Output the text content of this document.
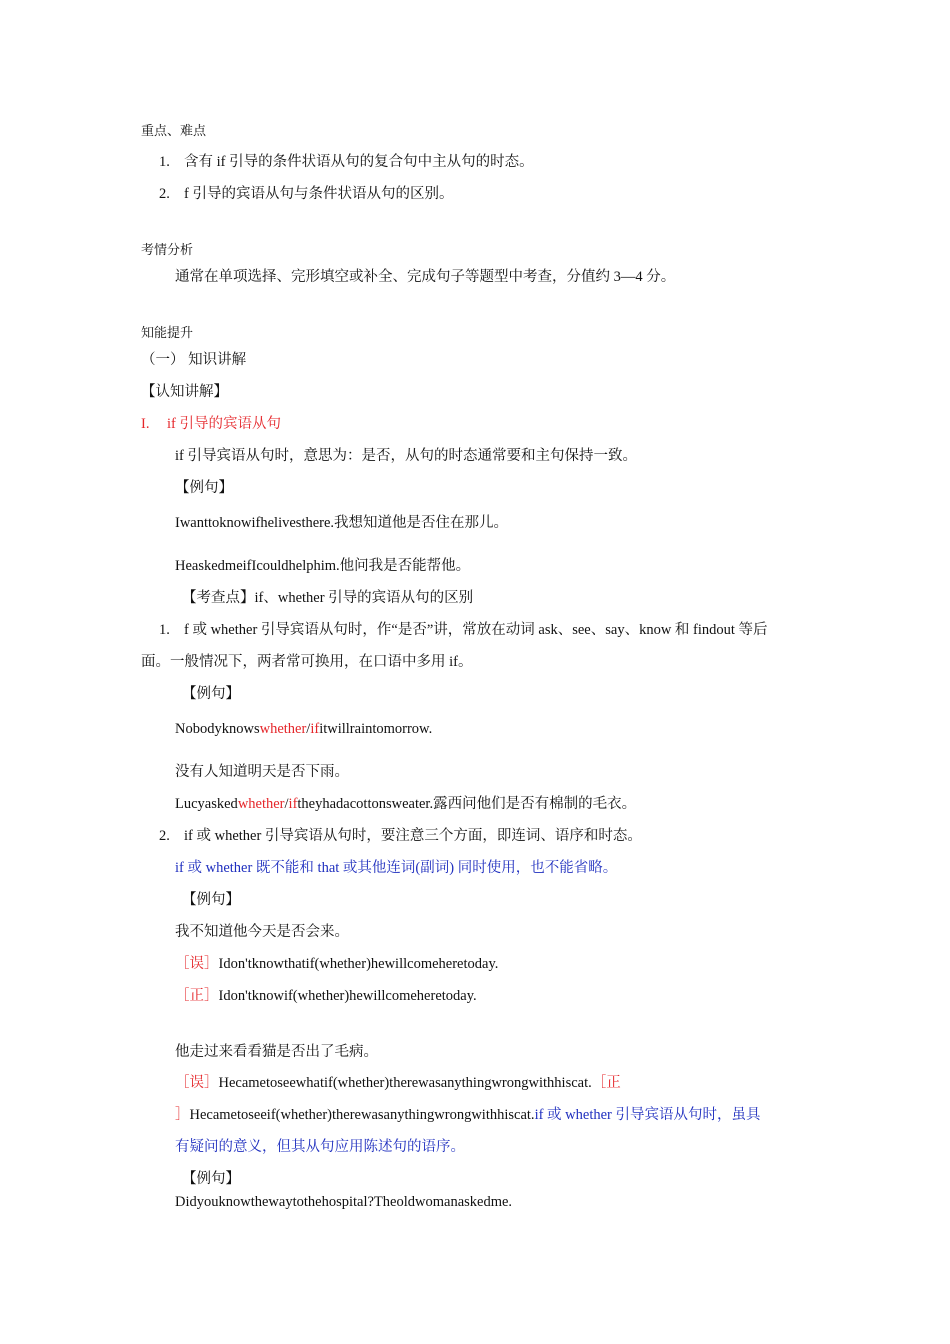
重点、难点
1. 含有 if 引导的条件状语从句的复合句中主从句的时态。
2. f 引导的宾语从句与条件状语从句的区别。
考情分析
通常在单项选择、完形填空或补全、完成句子等题型中考查，分值约 3—4 分。
知能提升
（一） 知识讲解
【认知讲解】
I. if 引导的宾语从句
if 引导宾语从句时，意思为：是否，从句的时态通常要和主句保持一致。
【例句】
Iwanttoknowifhelivesthere.我想知道他是否住在那儿。
HeaskedmeifIcouldhelphim.他问我是否能帮他。
【考查点】if、whether 引导的宾语从句的区别
1. f 或 whether 引导宾语从句时，作“是否”讲，常放在动词 ask、see、say、know 和 findout 等后
面。一般情况下，两者常可换用，在口语中多用 if。
【例句】
Nobodyknowswhether/ifitwillraintomorrow.
没有人知道明天是否下雨。
Lucyaskedwhether/iftheyhadacottonsweater.露西问他们是否有棉制的毛衣。
2. if 或 whether 引导宾语从句时，要注意三个方面，即连词、语序和时态。
if 或 whether 既不能和 that 或其他连词(副词) 同时使用，也不能省略。
【例句】
我不知道他今天是否会来。
［误］Idon'tknowthatif(whether)hewillcomeheretoday.
［正］Idon'tknowif(whether)hewillcomeheretoday.
他走过来看看猫是否出了毛病。
［误］Hecametoseewhatif(whether)therewasanythingwrongwithhiscat.［正
］Hecametoseeif(whether)therewasanythingwrongwithhiscat.if 或 whether 引导宾语从句时，虽具
有疑问的意义，但其从句应用陈述句的语序。
【例句】
Didyouknowthewaytothehospital?Theoldwomanaskedme.
